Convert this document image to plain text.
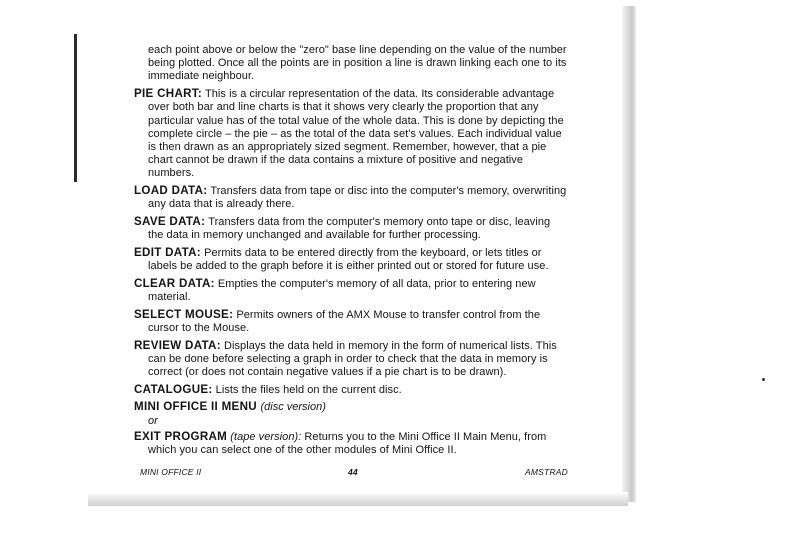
each point above or below the "zero" base line depending on the value of the number being plotted. Once all the points are in position a line is drawn linking each one to its immediate neighbour.

PIE CHART: This is a circular representation of the data. Its considerable advantage over both bar and line charts is that it shows very clearly the proportion that any particular value has of the total value of the whole data. This is done by depicting the complete circle – the pie – as the total of the data set's values. Each individual value is then drawn as an appropriately sized segment. Remember, however, that a pie chart cannot be drawn if the data contains a mixture of positive and negative numbers.

LOAD DATA: Transfers data from tape or disc into the computer's memory, overwriting any data that is already there.

SAVE DATA: Transfers data from the computer's memory onto tape or disc, leaving the data in memory unchanged and available for further processing.

EDIT DATA: Permits data to be entered directly from the keyboard, or lets titles or labels be added to the graph before it is either printed out or stored for future use.

CLEAR DATA: Empties the computer's memory of all data, prior to entering new material.

SELECT MOUSE: Permits owners of the AMX Mouse to transfer control from the cursor to the Mouse.

REVIEW DATA: Displays the data held in memory in the form of numerical lists. This can be done before selecting a graph in order to check that the data in memory is correct (or does not contain negative values if a pie chart is to be drawn).

CATALOGUE: Lists the files held on the current disc.

MINI OFFICE II MENU (disc version)

or

EXIT PROGRAM (tape version): Returns you to the Mini Office II Main Menu, from which you can select one of the other modules of Mini Office II.

MINI OFFICE II	44	AMSTRAD
